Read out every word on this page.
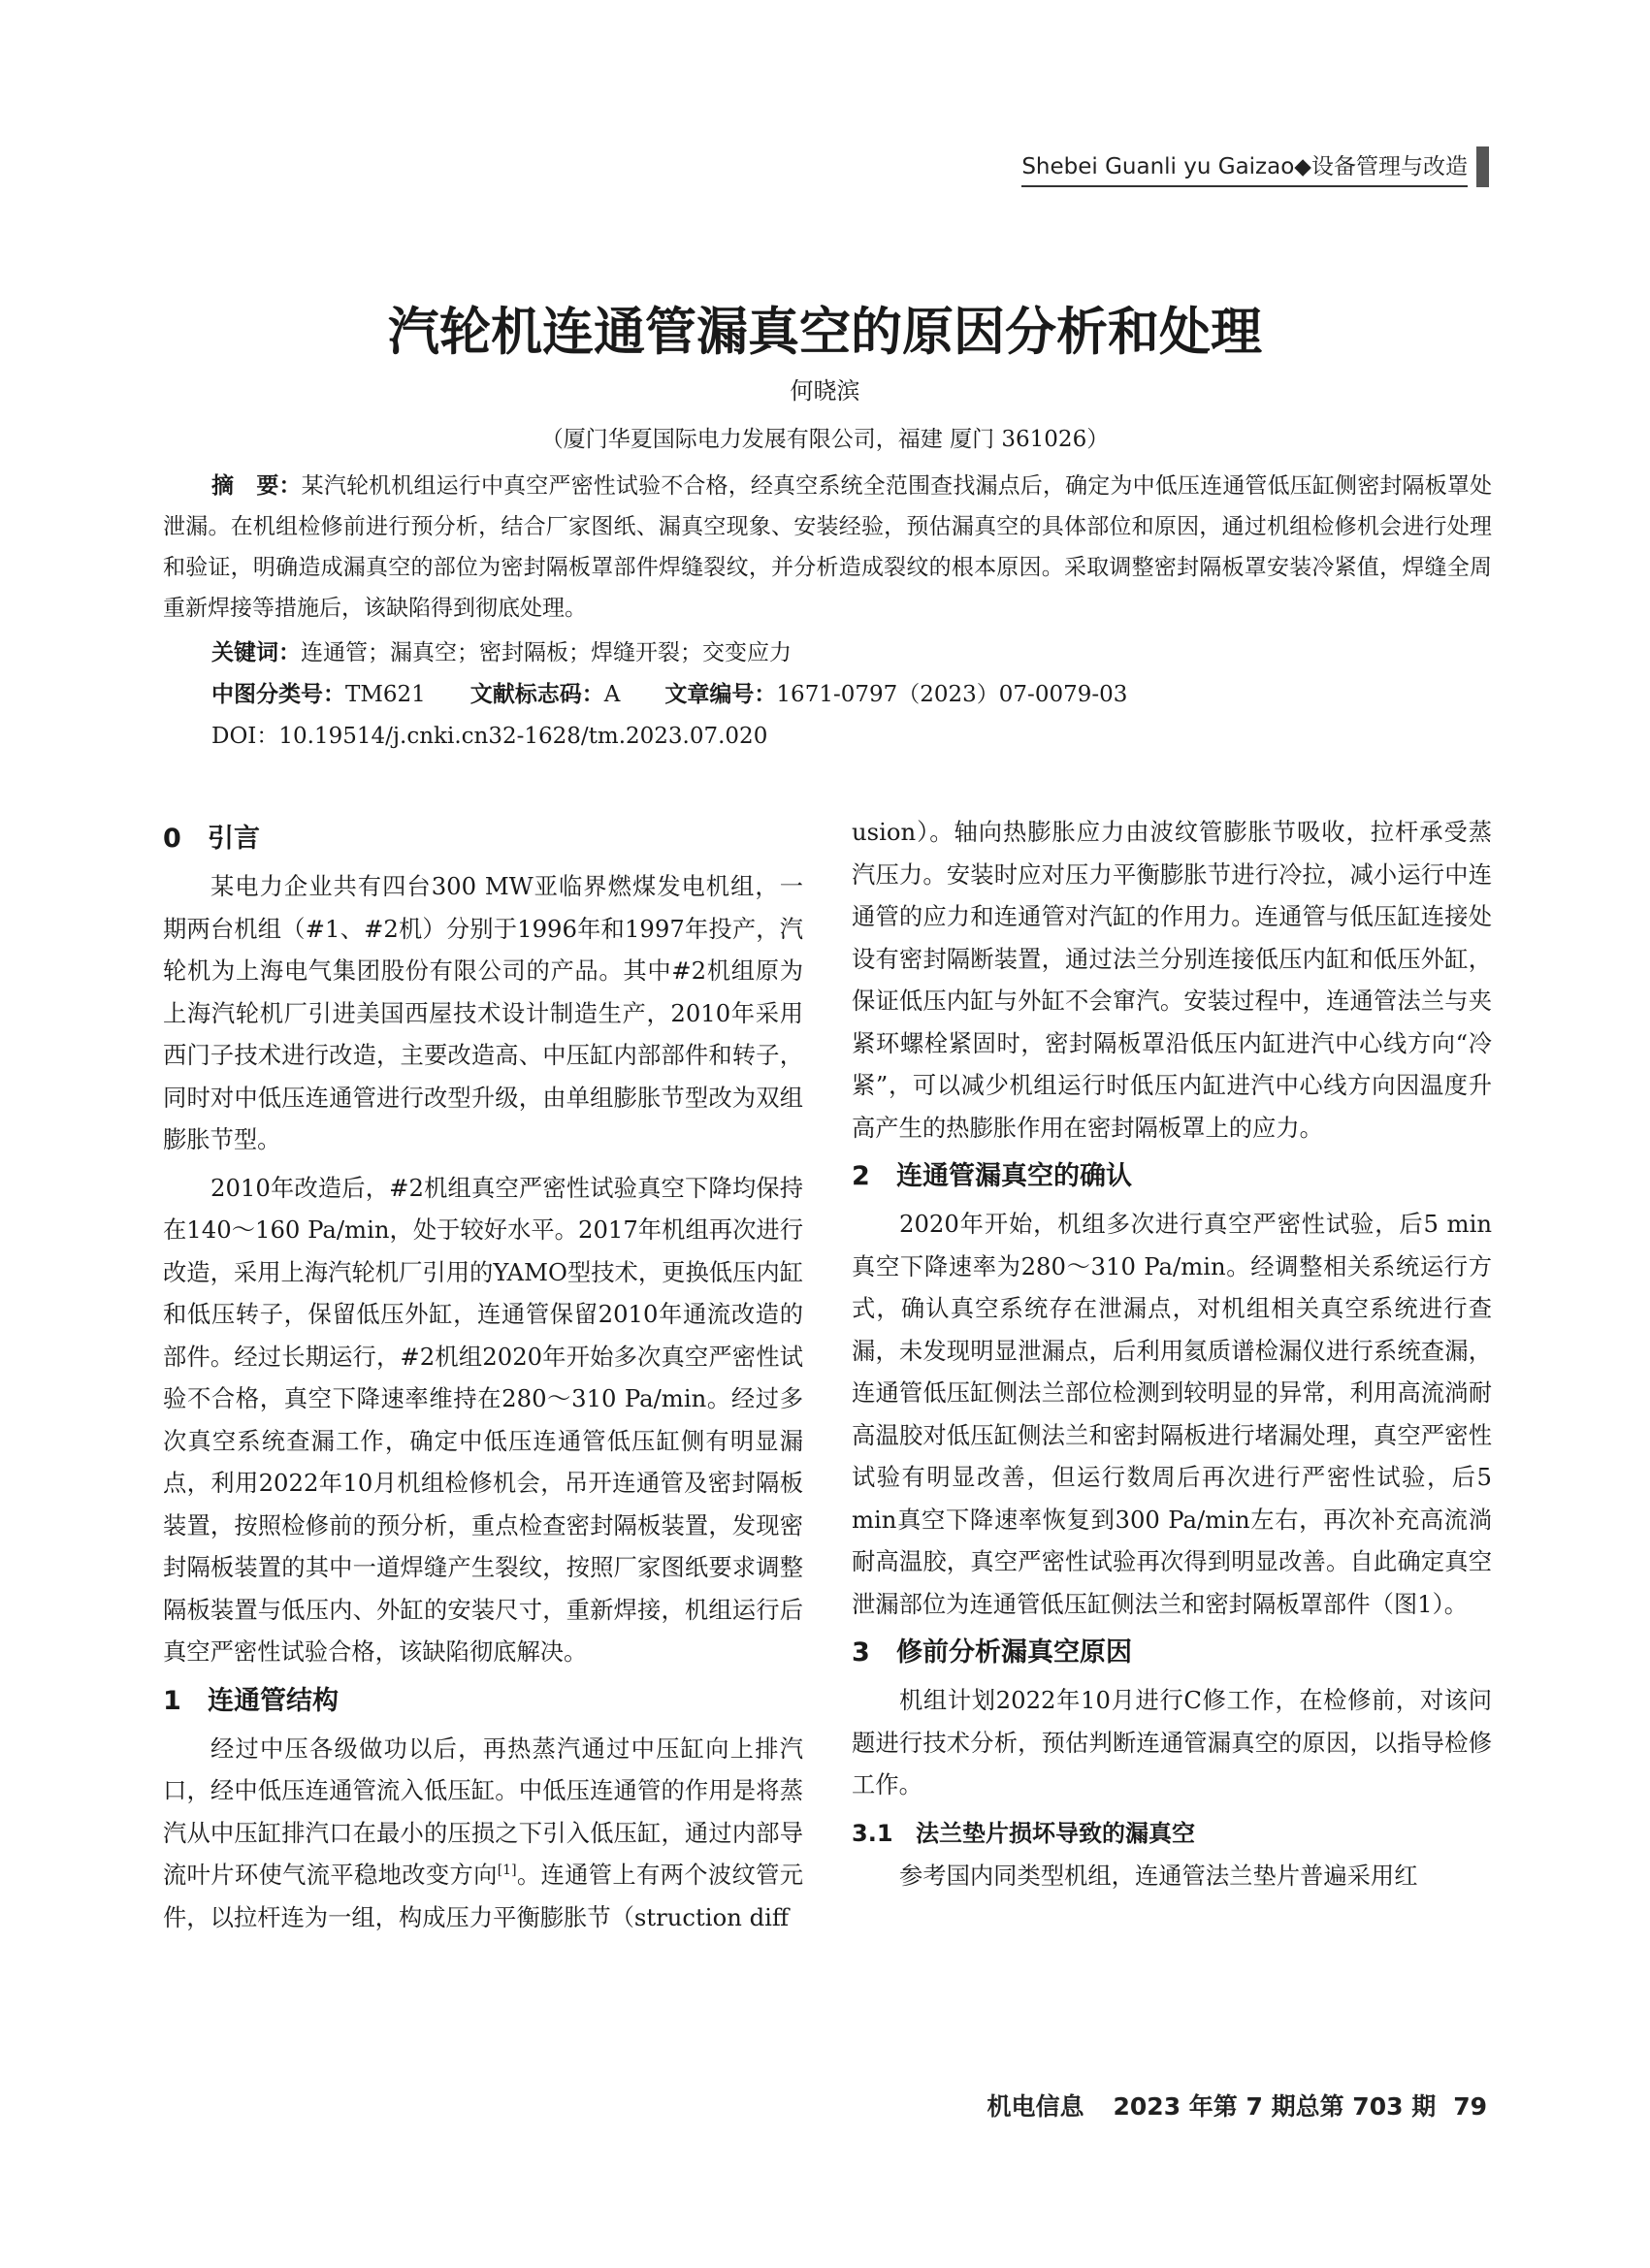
Shebei Guanli yu Gaizao◆设备管理与改造
汽轮机连通管漏真空的原因分析和处理
何晓滨
（厦门华夏国际电力发展有限公司，福建 厦门 361026）

摘　要：某汽轮机机组运行中真空严密性试验不合格，经真空系统全范围查找漏点后，确定为中低压连通管低压缸侧密封隔板罩处泄漏。在机组检修前进行预分析，结合厂家图纸、漏真空现象、安装经验，预估漏真空的具体部位和原因，通过机组检修机会进行处理和验证，明确造成漏真空的部位为密封隔板罩部件焊缝裂纹，并分析造成裂纹的根本原因。采取调整密封隔板罩安装冷紧值，焊缝全周重新焊接等措施后，该缺陷得到彻底处理。

关键词：连通管；漏真空；密封隔板；焊缝开裂；交变应力
中图分类号：TM621 文献标志码：A 文章编号：1671-0797（2023）07-0079-03
DOI：10.19514/j.cnki.cn32-1628/tm.2023.07.020
0 引言

某电力企业共有四台300 MW亚临界燃煤发电机组，一期两台机组（#1、#2机）分别于1996年和1997年投产，汽轮机为上海电气集团股份有限公司的产品。其中#2机组原为上海汽轮机厂引进美国西屋技术设计制造生产，2010年采用西门子技术进行改造，主要改造高、中压缸内部部件和转子，同时对中低压连通管进行改型升级，由单组膨胀节型改为双组膨胀节型。

2010年改造后，#2机组真空严密性试验真空下降均保持在140～160 Pa/min，处于较好水平。2017年机组再次进行改造，采用上海汽轮机厂引用的YAMO型技术，更换低压内缸和低压转子，保留低压外缸，连通管保留2010年通流改造的部件。经过长期运行，#2机组2020年开始多次真空严密性试验不合格，真空下降速率维持在280～310 Pa/min。经过多次真空系统查漏工作，确定中低压连通管低压缸侧有明显漏点，利用2022年10月机组检修机会，吊开连通管及密封隔板装置，按照检修前的预分析，重点检查密封隔板装置，发现密封隔板装置的其中一道焊缝产生裂纹，按照厂家图纸要求调整隔板装置与低压内、外缸的安装尺寸，重新焊接，机组运行后真空严密性试验合格，该缺陷彻底解决。

1 连通管结构

经过中压各级做功以后，再热蒸汽通过中压缸向上排汽口，经中低压连通管流入低压缸。中低压连通管的作用是将蒸汽从中压缸排汽口在最小的压损之下引入低压缸，通过内部导流叶片环使气流平稳地改变方向[1]。连通管上有两个波纹管元件，以拉杆连为一组，构成压力平衡膨胀节（struction diff

usion）。轴向热膨胀应力由波纹管膨胀节吸收，拉杆承受蒸汽压力。安装时应对压力平衡膨胀节进行冷拉，减小运行中连通管的应力和连通管对汽缸的作用力。连通管与低压缸连接处设有密封隔断装置，通过法兰分别连接低压内缸和低压外缸，保证低压内缸与外缸不会窜汽。安装过程中，连通管法兰与夹紧环螺栓紧固时，密封隔板罩沿低压内缸进汽中心线方向“冷紧”，可以减少机组运行时低压内缸进汽中心线方向因温度升高产生的热膨胀作用在密封隔板罩上的应力。

2 连通管漏真空的确认

2020年开始，机组多次进行真空严密性试验，后5 min真空下降速率为280～310 Pa/min。经调整相关系统运行方式，确认真空系统存在泄漏点，对机组相关真空系统进行查漏，未发现明显泄漏点，后利用氦质谱检漏仪进行系统查漏，连通管低压缸侧法兰部位检测到较明显的异常，利用高流淌耐高温胶对低压缸侧法兰和密封隔板进行堵漏处理，真空严密性试验有明显改善，但运行数周后再次进行严密性试验，后5 min真空下降速率恢复到300 Pa/min左右，再次补充高流淌耐高温胶，真空严密性试验再次得到明显改善。自此确定真空泄漏部位为连通管低压缸侧法兰和密封隔板罩部件（图1）。

3 修前分析漏真空原因

机组计划2022年10月进行C修工作，在检修前，对该问题进行技术分析，预估判断连通管漏真空的原因，以指导检修工作。

3.1 法兰垫片损坏导致的漏真空

参考国内同类型机组，连通管法兰垫片普遍采用红

机电信息 2023 年第 7 期总第 703 期 79
